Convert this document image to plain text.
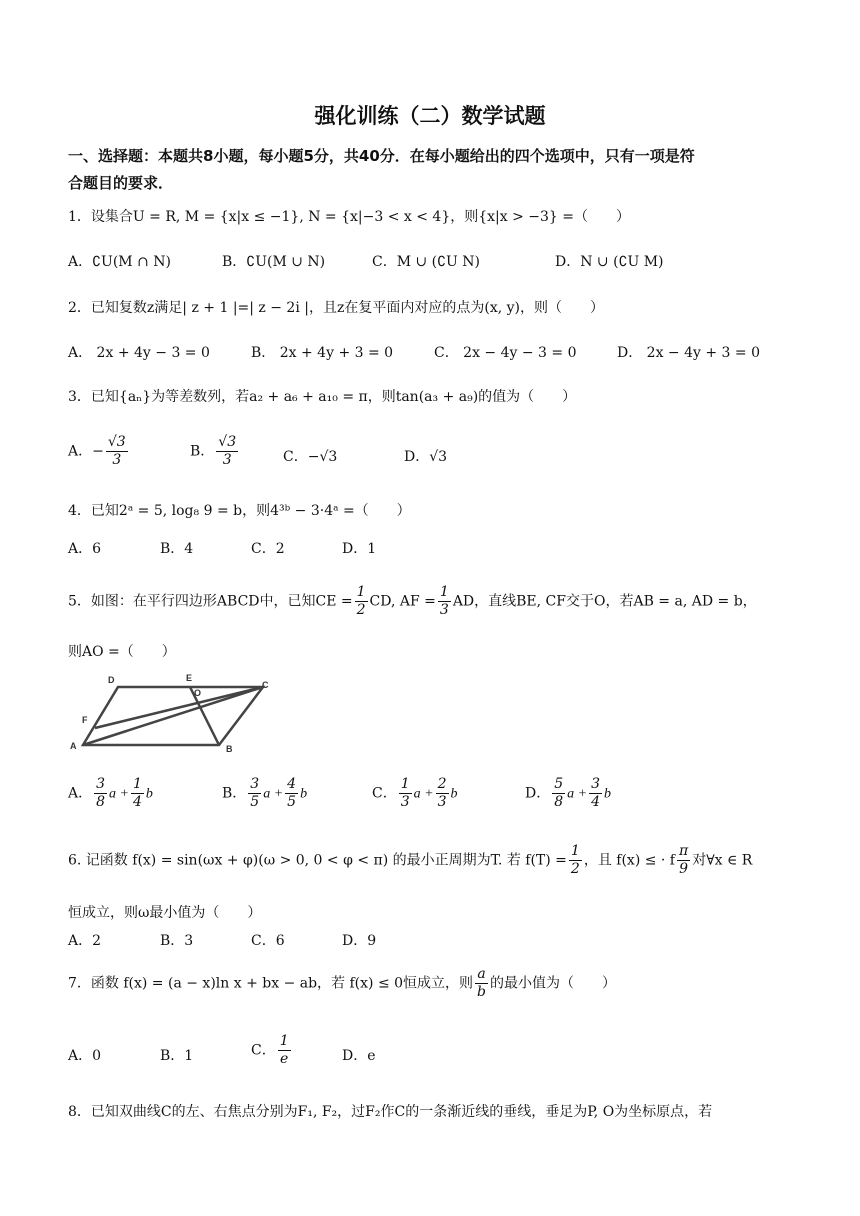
强化训练（二）数学试题
一、选择题：本题共8小题，每小题5分，共40分．在每小题给出的四个选项中，只有一项是符
合题目的要求．
1．设集合U = R, M = {x|x ≤ −1}, N = {x|−3 < x < 4}，则{x|x > −3} =（　　）
A．∁U(M ∩ N)	B．∁U(M ∪ N)	C．M ∪ (∁U N)	D．N ∪ (∁U M)
2．已知复数z满足| z + 1 |=| z − 2i |，且z在复平面内对应的点为(x, y)，则（　　）
A． 2x + 4y − 3 = 0	B． 2x + 4y + 3 = 0	C． 2x − 4y − 3 = 0	D． 2x − 4y + 3 = 0
3．已知{aₙ}为等差数列，若a₂ + a₆ + a₁₀ = π，则tan(a₃ + a₉)的值为（　　）
A．− $\frac{√3}{3}$	B． $\frac{√3}{3}$	C．−√3	D．√3
4．已知2ᵃ = 5, log₈ 9 = b，则4³ᵇ − 3·4ᵃ =（　　）
A．6	B．4	C．2	D．1
5．如图：在平行四边形ABCD中，已知CE = $\frac{1}{2}$ CD, AF = $\frac{1}{3}$ AD，直线BE, CF交于O，若AB = a, AD = b，
则AO =（　　）
A	B
C
D	E
F
O
A． $\frac{3}{8}$ $a + \frac{1}{4}$ b	B． $\frac{3}{5}$ $a + \frac{4}{5}$ b	C． $\frac{1}{3}$ $a + \frac{2}{3}$ b	D． $\frac{5}{8}$ $a + \frac{3}{4}$ b
6. 记函数 f(x) = sin(ωx + φ)(ω > 0, 0 < φ < π) 的最小正周期为T. 若 $f(T) = \frac{1}{2}$ ，且 f(x) ≤ · f $\frac{\pi}{9}$ 对∀x ∈ R
恒成立，则ω最小值为（　　）
A．2	B．3	C．6	D．9
7．函数 f(x) = (a − x)ln x + bx − ab，若 f(x) ≤ 0恒成立，则 $\frac{a}{b}$ 的最小值为（　　）
A．0	B．1	C． $\frac{1}{e}$	D．e
8．已知双曲线C的左、右焦点分别为F₁, F₂，过F₂作C的一条渐近线的垂线，垂足为P, O为坐标原点，若
